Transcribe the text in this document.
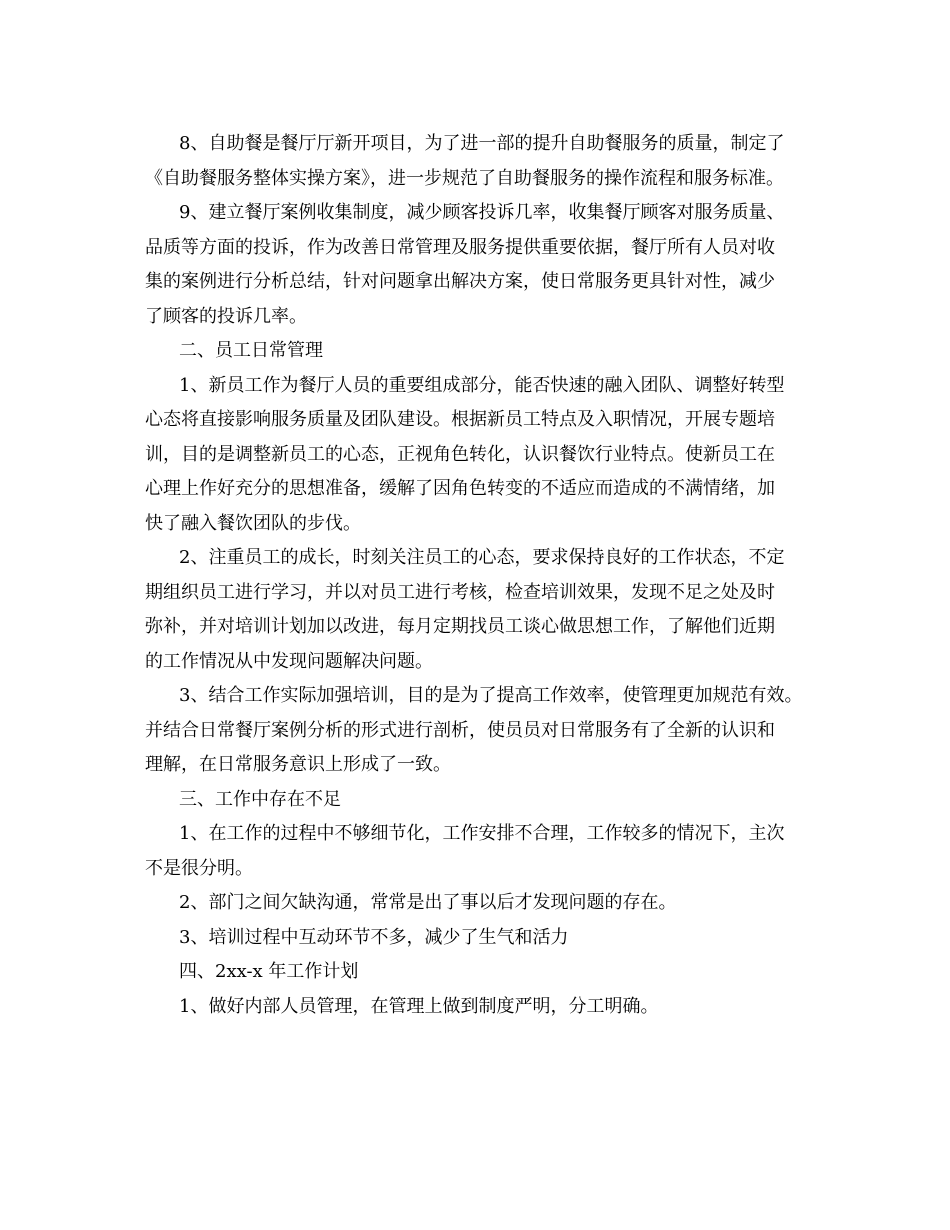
8、自助餐是餐厅厅新开项目，为了进一部的提升自助餐服务的质量，制定了
《自助餐服务整体实操方案》，进一步规范了自助餐服务的操作流程和服务标准。
9、建立餐厅案例收集制度，减少顾客投诉几率，收集餐厅顾客对服务质量、
品质等方面的投诉，作为改善日常管理及服务提供重要依据，餐厅所有人员对收
集的案例进行分析总结，针对问题拿出解决方案，使日常服务更具针对性，减少
了顾客的投诉几率。
二、员工日常管理
1、新员工作为餐厅人员的重要组成部分，能否快速的融入团队、调整好转型
心态将直接影响服务质量及团队建设。根据新员工特点及入职情况，开展专题培
训，目的是调整新员工的心态，正视角色转化，认识餐饮行业特点。使新员工在
心理上作好充分的思想准备，缓解了因角色转变的不适应而造成的不满情绪，加
快了融入餐饮团队的步伐。
2、注重员工的成长，时刻关注员工的心态，要求保持良好的工作状态，不定
期组织员工进行学习，并以对员工进行考核，检查培训效果，发现不足之处及时
弥补，并对培训计划加以改进，每月定期找员工谈心做思想工作，了解他们近期
的工作情况从中发现问题解决问题。
3、结合工作实际加强培训，目的是为了提高工作效率，使管理更加规范有效。
并结合日常餐厅案例分析的形式进行剖析，使员员对日常服务有了全新的认识和
理解，在日常服务意识上形成了一致。
三、工作中存在不足
1、在工作的过程中不够细节化，工作安排不合理，工作较多的情况下，主次
不是很分明。
2、部门之间欠缺沟通，常常是出了事以后才发现问题的存在。
3、培训过程中互动环节不多，减少了生气和活力
四、2xx-x 年工作计划
1、做好内部人员管理，在管理上做到制度严明，分工明确。
